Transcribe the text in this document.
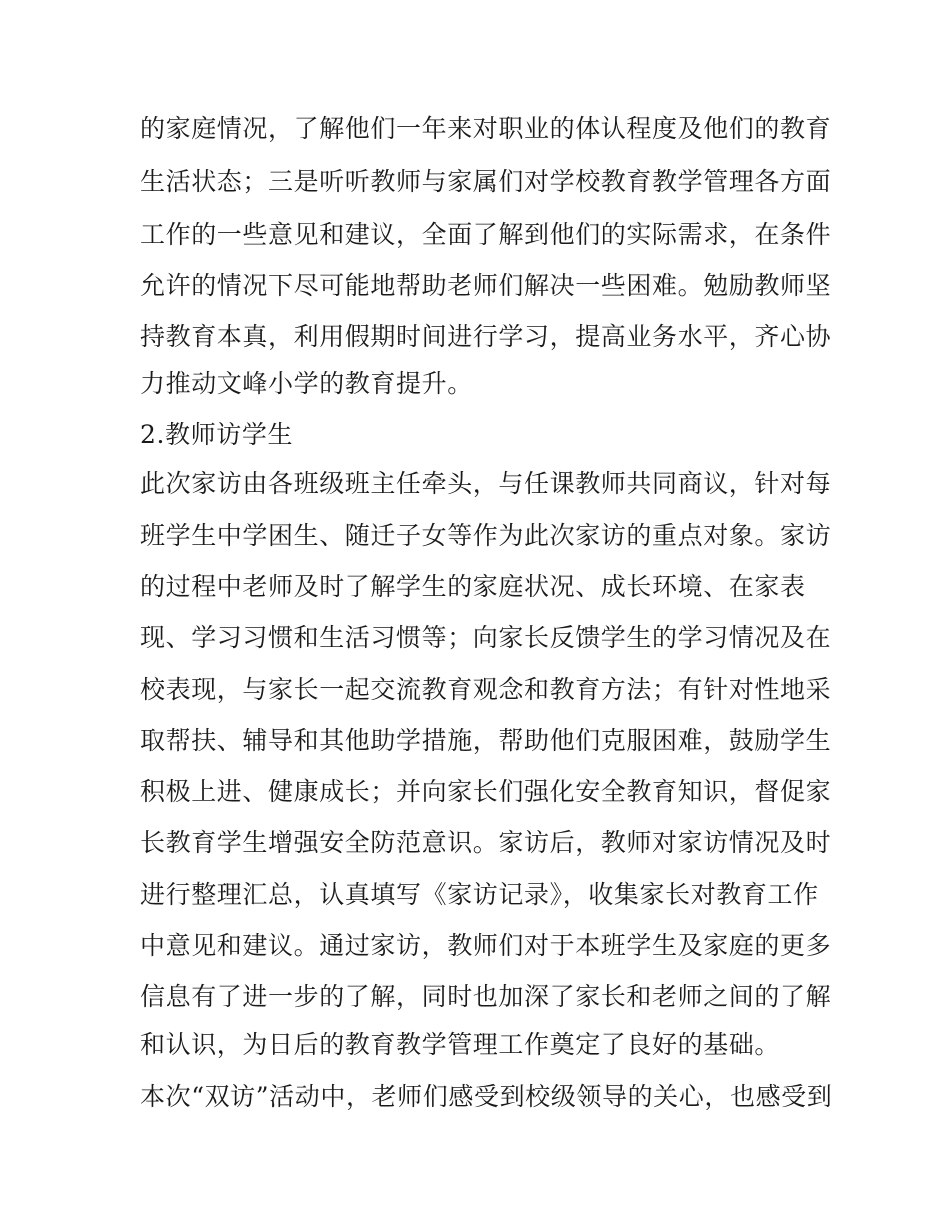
的家庭情况，了解他们一年来对职业的体认程度及他们的教育
生活状态；三是听听教师与家属们对学校教育教学管理各方面
工作的一些意见和建议，全面了解到他们的实际需求，在条件
允许的情况下尽可能地帮助老师们解决一些困难。勉励教师坚
持教育本真，利用假期时间进行学习，提高业务水平，齐心协
力推动文峰小学的教育提升。
2.教师访学生
此次家访由各班级班主任牵头，与任课教师共同商议，针对每
班学生中学困生、随迁子女等作为此次家访的重点对象。家访
的过程中老师及时了解学生的家庭状况、成长环境、在家表
现、学习习惯和生活习惯等；向家长反馈学生的学习情况及在
校表现，与家长一起交流教育观念和教育方法；有针对性地采
取帮扶、辅导和其他助学措施，帮助他们克服困难，鼓励学生
积极上进、健康成长；并向家长们强化安全教育知识，督促家
长教育学生增强安全防范意识。家访后，教师对家访情况及时
进行整理汇总，认真填写《家访记录》，收集家长对教育工作
中意见和建议。通过家访，教师们对于本班学生及家庭的更多
信息有了进一步的了解，同时也加深了家长和老师之间的了解
和认识，为日后的教育教学管理工作奠定了良好的基础。
本次“双访”活动中，老师们感受到校级领导的关心，也感受到
